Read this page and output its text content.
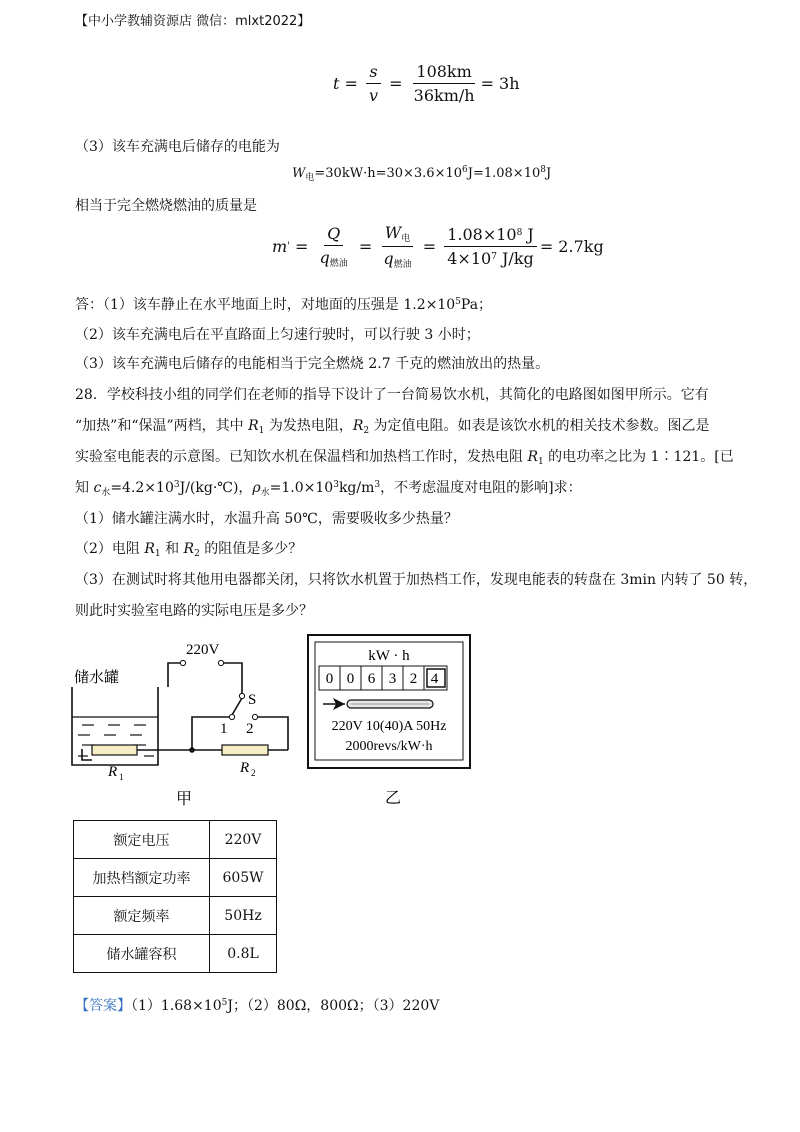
【中小学教辅资源店 微信：mlxt2022】
$t = \frac{s}{v} = \frac{108km}{36km/h} = 3h$
（3）该车充满电后储存的电能为
$W_电=30kW\cdot h=30\times 3.6\times 10^6J=1.08\times 10^8J$
相当于完全燃烧燃油的质量是
m ' = $\frac{Q}{q_{燃油}} = \frac{W_电}{q_{燃油}} = \frac{1.08\times 10^8 J}{4\times 10^7 J/kg} = 2.7kg$
答：（1）该车静止在水平地面上时，对地面的压强是 $1.2\times 10^5Pa$；
（2）该车充满电后在平直路面上匀速行驶时，可以行驶 3 小时；
（3）该车充满电后储存的电能相当于完全燃烧 2.7 千克的燃油放出的热量。
28．学校科技小组的同学们在老师的指导下设计了一台简易饮水机，其简化的电路图如图甲所示。它有
“加热”和“保温”两档，其中 $R_1$ 为发热电阻，$R_2$ 为定值电阻。如表是该饮水机的相关技术参数。图乙是
实验室电能表的示意图。已知饮水机在保温档和加热档工作时，发热电阻 $R_1$ 的电功率之比为 1∶121。[已
知 $c_水=4.2\times 10^3J/(kg\cdot℃)$，$\rho_水=1.0\times 10^3kg/m^3$，不考虑温度对电阻的影响]求：
（1）储水罐注满水时，水温升高 50℃，需要吸收多少热量？
（2）电阻 $R_1$ 和 $R_2$ 的阻值是多少？
（3）在测试时将其他用电器都关闭，只将饮水机置于加热档工作，发现电能表的转盘在 3min 内转了 50 转，
则此时实验室电路的实际电压是多少？
储水罐
220V
S
1 2
R 1
R 2
甲
kW · h
0 0 6 3 2 4
220V 10(40)A 50Hz
2000revs/kW·h
乙
额定电压	220V
加热档额定功率	605W
额定频率	50Hz
储水罐容积	0.8L
【答案】$(1)1.68\times 10^5J$；（2）80Ω，800Ω；（3）220V
